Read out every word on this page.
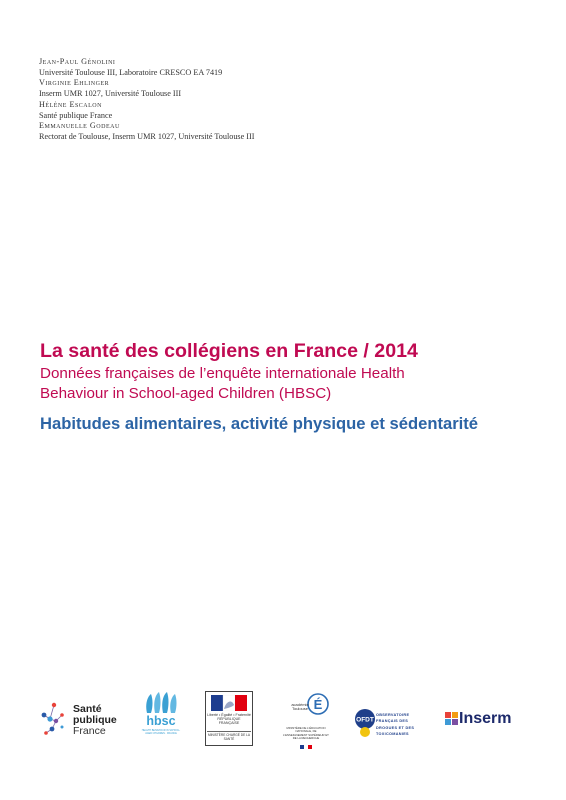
Jean-Paul Génolini
Université Toulouse III, Laboratoire CRESCO EA 7419
Virginie Ehlinger
Inserm UMR 1027, Université Toulouse III
Hélène Escalon
Santé publique France
Emmanuelle Godeau
Rectorat de Toulouse, Inserm UMR 1027, Université Toulouse III
La santé des collégiens en France / 2014
Données françaises de l’enquête internationale Health
Behaviour in School-aged Children (HBSC)
Habitudes alimentaires, activité physique et sédentarité
Santé
publique
France
hbsc
HEALTH BEHAVIOUR IN SCHOOL-AGED CHILDREN · FRANCE
Liberté • Égalité • Fraternité RÉPUBLIQUE FRANÇAISE
MINISTÈRE CHARGÉ DE LA SANTÉ
É
académie Toulouse
MINISTÈRE DE L’ÉDUCATION NATIONALE, DE L’ENSEIGNEMENT SUPÉRIEUR ET DE LA RECHERCHE
OFDT
OBSERVATOIRE
FRANÇAIS DES
DROGUES ET DES
TOXICOMANIES
Inserm
